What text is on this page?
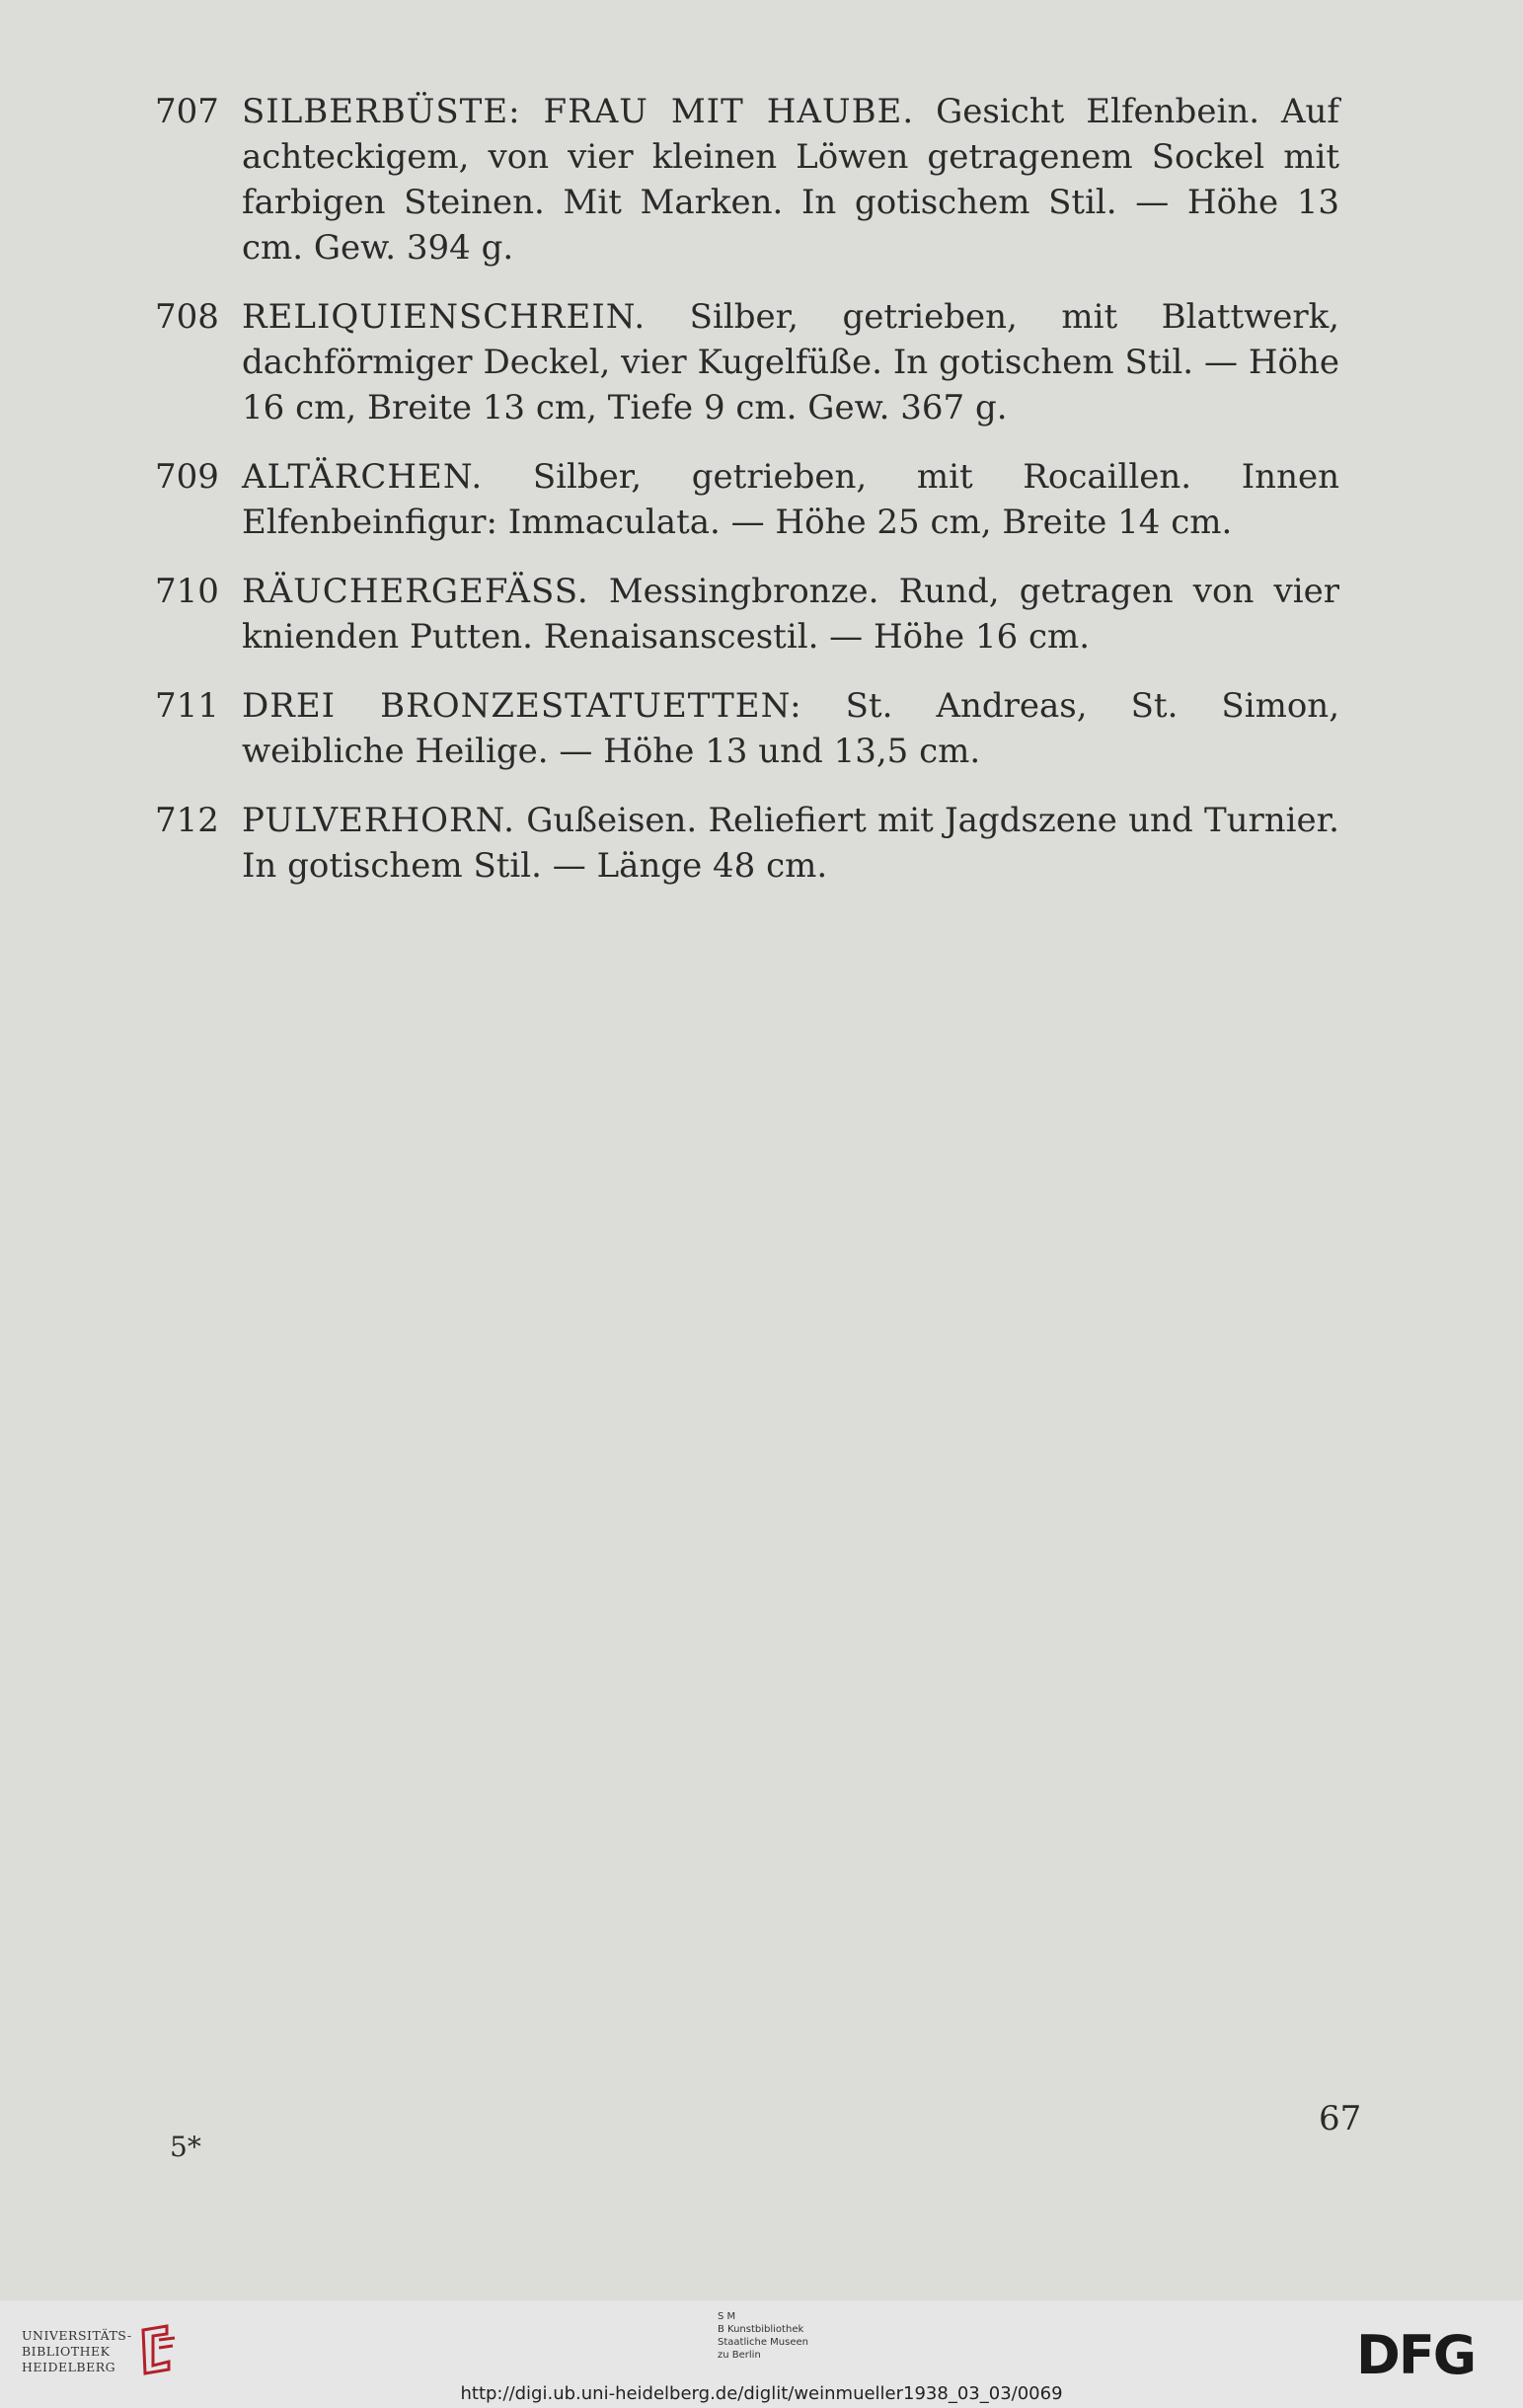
707 SILBERBÜSTE: FRAU MIT HAUBE. Gesicht Elfenbein. Auf achteckigem, von vier kleinen Löwen getragenem Sockel mit farbigen Steinen. Mit Marken. In gotischem Stil. — Höhe 13 cm. Gew. 394 g.
708 RELIQUIENSCHREIN. Silber, getrieben, mit Blattwerk, dachförmiger Deckel, vier Kugelfüße. In gotischem Stil. — Höhe 16 cm, Breite 13 cm, Tiefe 9 cm. Gew. 367 g.
709 ALTÄRCHEN. Silber, getrieben, mit Rocaillen. Innen Elfenbeinfigur: Immaculata. — Höhe 25 cm, Breite 14 cm.
710 RÄUCHERGEFÄSS. Messingbronze. Rund, getragen von vier knienden Putten. Renaisanscestil. — Höhe 16 cm.
711 DREI BRONZESTATUETTEN: St. Andreas, St. Simon, weibliche Heilige. — Höhe 13 und 13,5 cm.
712 PULVERHORN. Gußeisen. Reliefiert mit Jagdszene und Turnier. In gotischem Stil. — Länge 48 cm.
67
5*
UNIVERSITÄTS-
BIBLIOTHEK
HEIDELBERG
S M
B Kunstbibliothek
Staatliche Museen
zu Berlin	DFG
http://digi.ub.uni-heidelberg.de/diglit/weinmueller1938_03_03/0069
